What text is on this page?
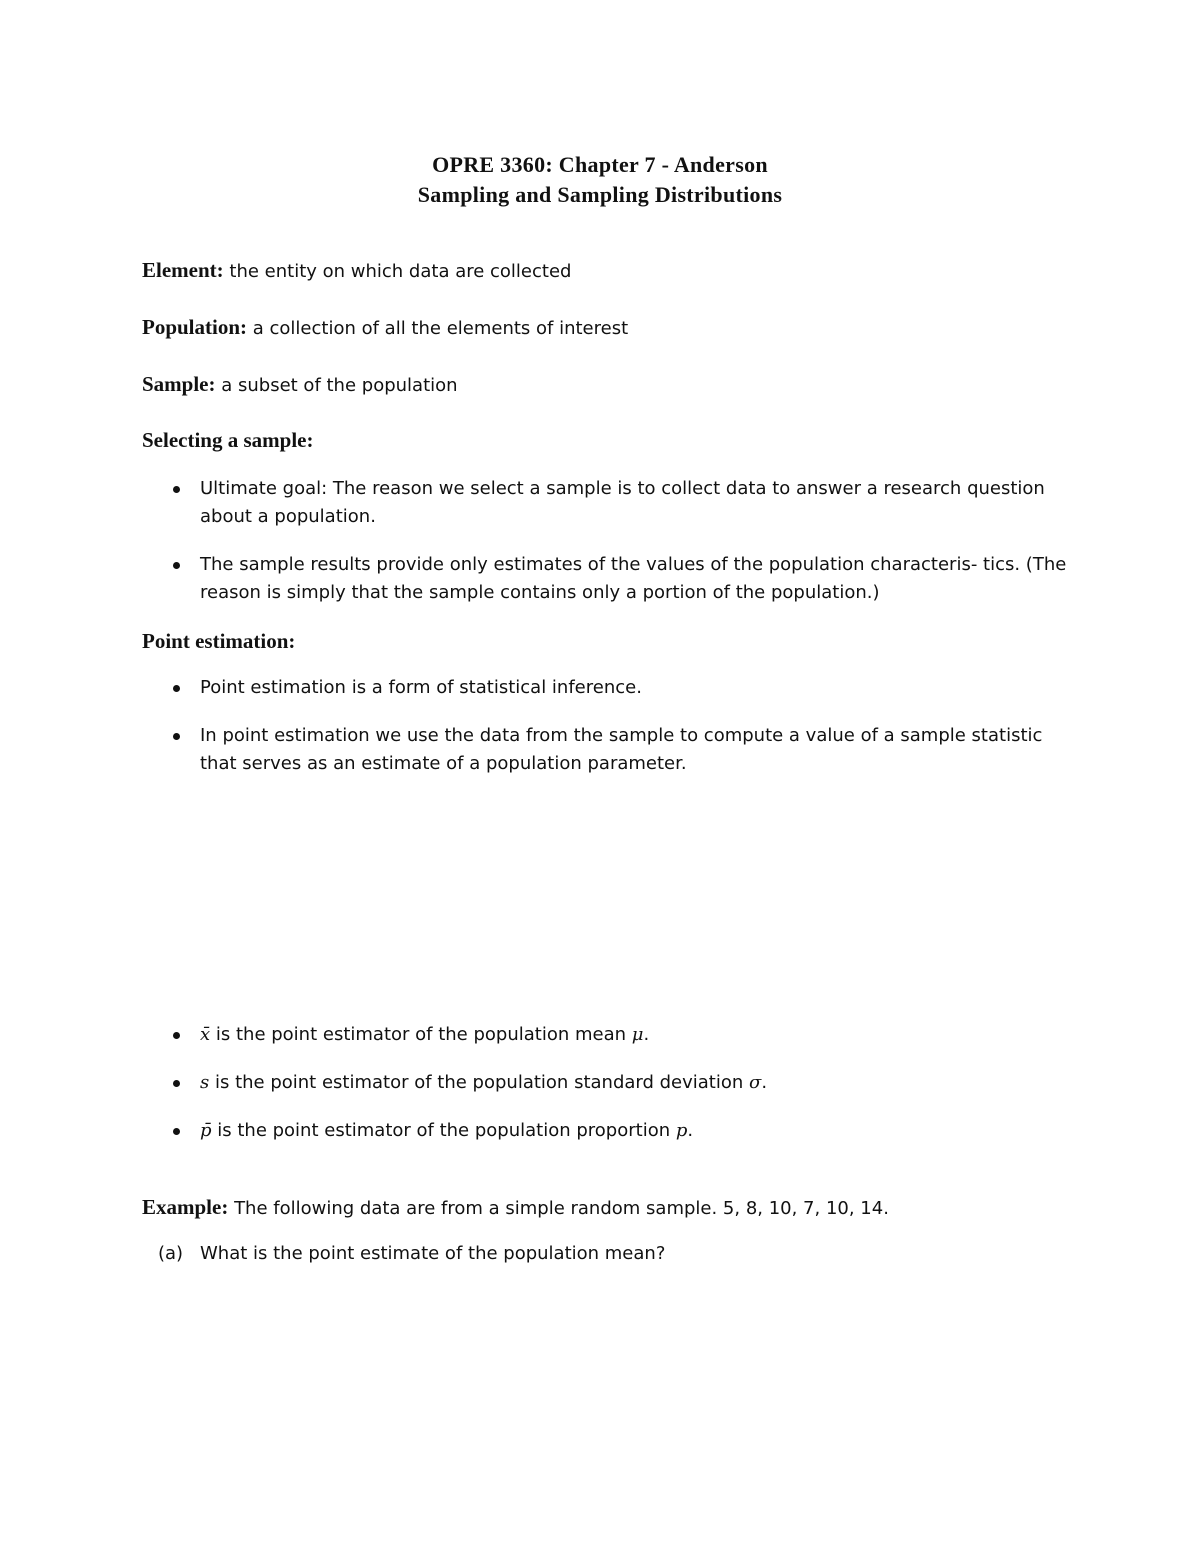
OPRE 3360: Chapter 7 - Anderson
Sampling and Sampling Distributions
Element: the entity on which data are collected
Population: a collection of all the elements of interest
Sample: a subset of the population
Selecting a sample:
Ultimate goal: The reason we select a sample is to collect data to answer a research question about a population.
The sample results provide only estimates of the values of the population characteris- tics. (The reason is simply that the sample contains only a portion of the population.)
Point estimation:
Point estimation is a form of statistical inference.
In point estimation we use the data from the sample to compute a value of a sample statistic that serves as an estimate of a population parameter.
x̄ is the point estimator of the population mean μ.
s is the point estimator of the population standard deviation σ.
p̄ is the point estimator of the population proportion p.
Example: The following data are from a simple random sample. 5, 8, 10, 7, 10, 14.
(a) What is the point estimate of the population mean?
